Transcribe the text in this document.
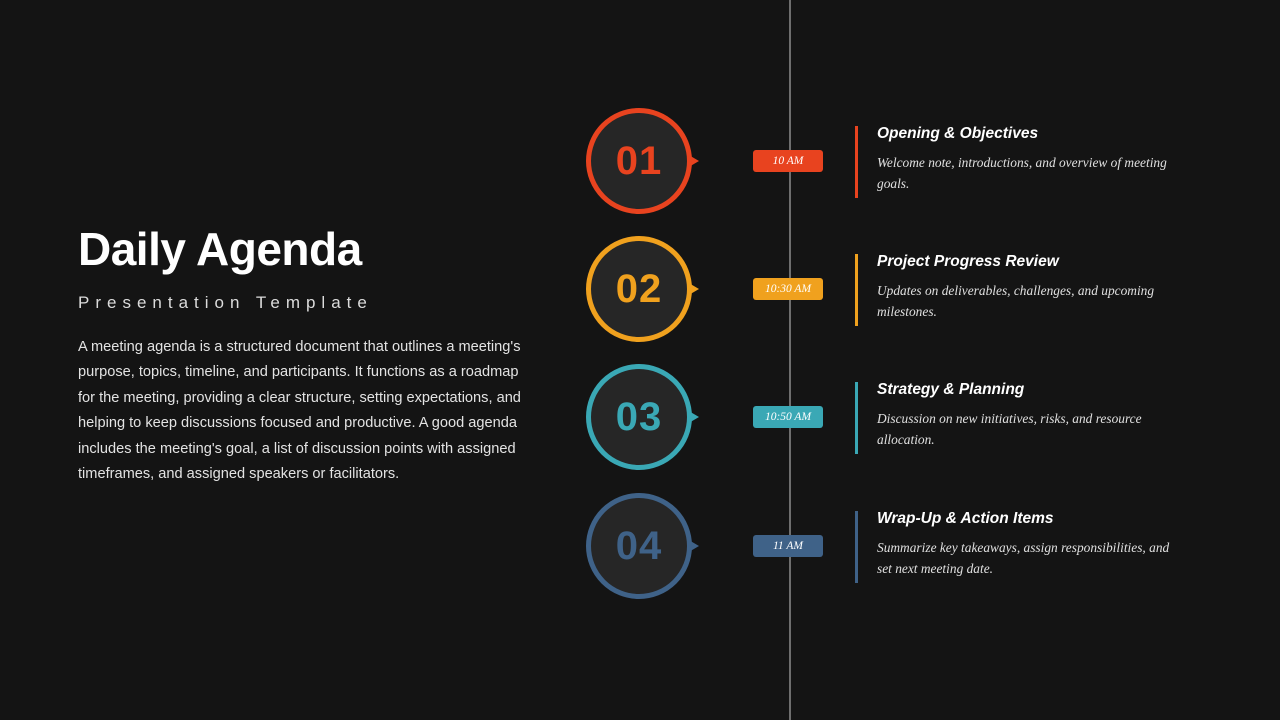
Daily Agenda
Presentation Template
A meeting agenda is a structured document that outlines a meeting's purpose, topics, timeline, and participants. It functions as a roadmap for the meeting, providing a clear structure, setting expectations, and helping to keep discussions focused and productive. A good agenda includes the meeting's goal, a list of discussion points with assigned timeframes, and assigned speakers or facilitators.
01	10 AM
Opening & Objectives
Welcome note, introductions, and overview of meeting goals.
02	10:30 AM
Project Progress Review
Updates on deliverables, challenges, and upcoming milestones.
03	10:50 AM
Strategy & Planning
Discussion on new initiatives, risks, and resource allocation.
04	11 AM
Wrap-Up & Action Items
Summarize key takeaways, assign responsibilities, and set next meeting date.
